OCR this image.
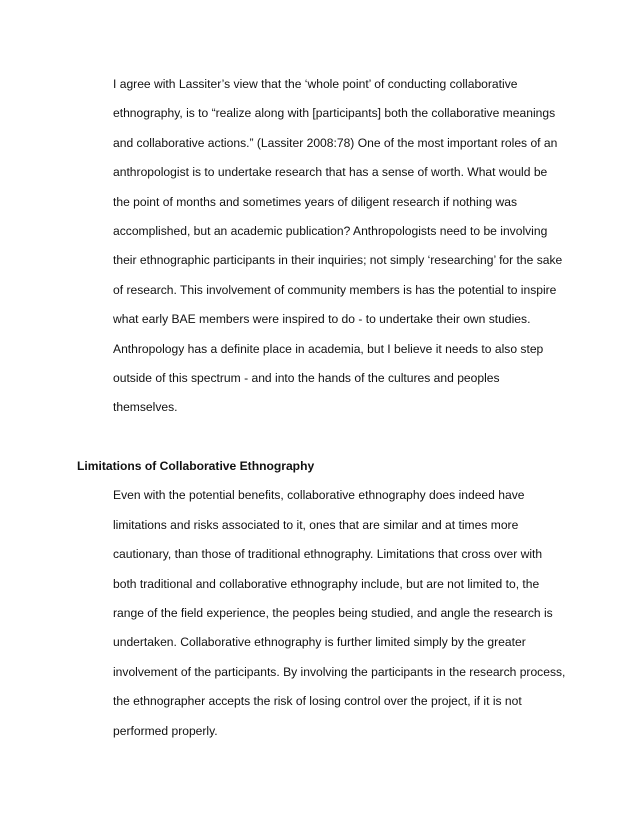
I agree with Lassiter’s view that the ‘whole point’ of conducting collaborative ethnography, is to “realize along with [participants] both the collaborative meanings and collaborative actions.” (Lassiter 2008:78) One of the most important roles of an anthropologist is to undertake research that has a sense of worth. What would be the point of months and sometimes years of diligent research if nothing was accomplished, but an academic publication? Anthropologists need to be involving their ethnographic participants in their inquiries; not simply ‘researching’ for the sake of research. This involvement of community members is has the potential to inspire what early BAE members were inspired to do - to undertake their own studies. Anthropology has a definite place in academia, but I believe it needs to also step outside of this spectrum - and into the hands of the cultures and peoples themselves.

Limitations of Collaborative Ethnography

Even with the potential benefits, collaborative ethnography does indeed have limitations and risks associated to it, ones that are similar and at times more cautionary, than those of traditional ethnography. Limitations that cross over with both traditional and collaborative ethnography include, but are not limited to, the range of the field experience, the peoples being studied, and angle the research is undertaken. Collaborative ethnography is further limited simply by the greater involvement of the participants. By involving the participants in the research process, the ethnographer accepts the risk of losing control over the project, if it is not performed properly.
